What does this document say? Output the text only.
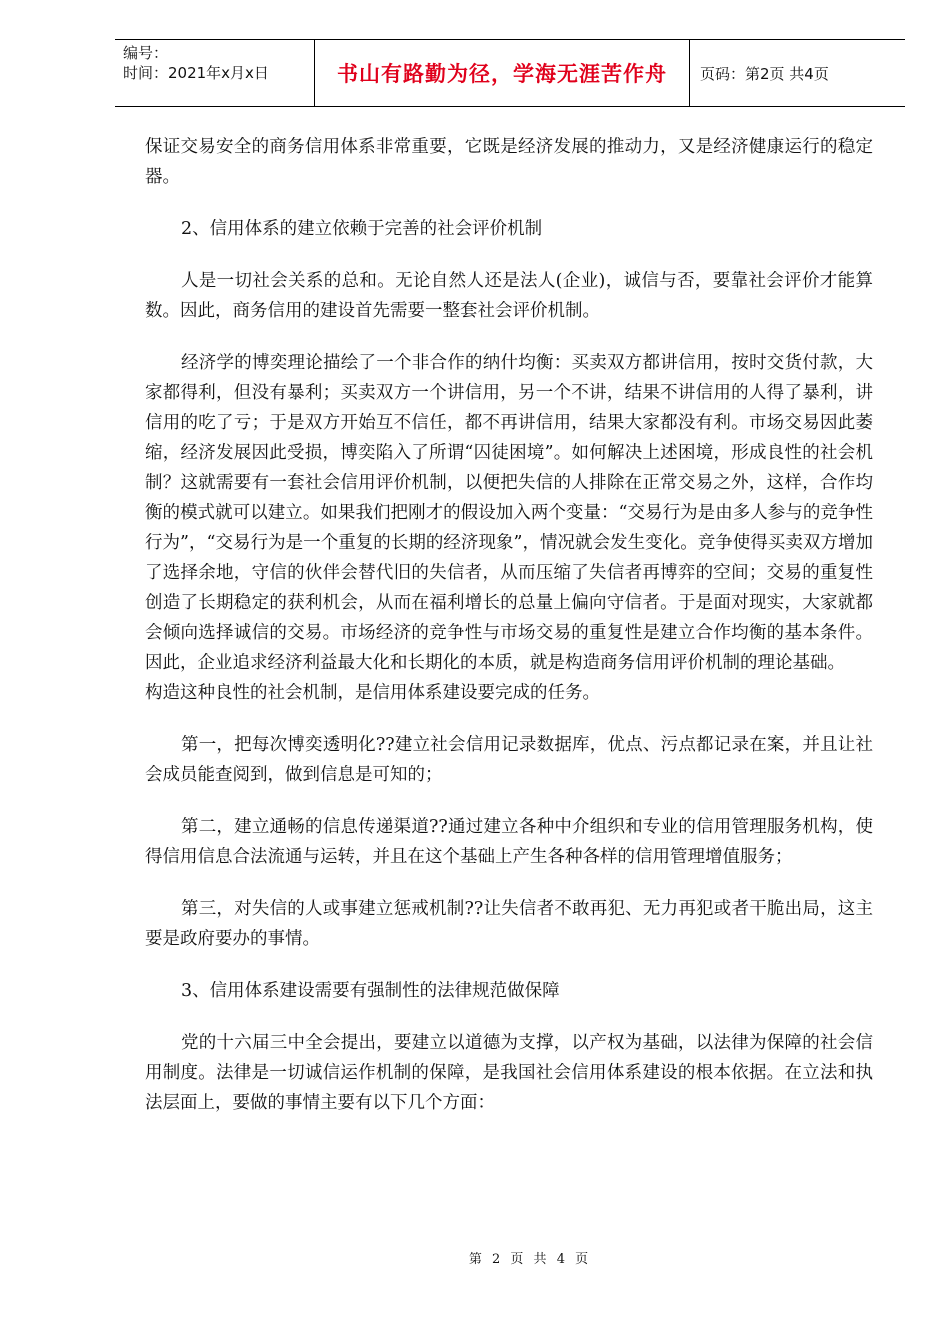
编号：
时间：2021年x月x日	书山有路勤为径，学海无涯苦作舟	页码：第2页 共4页

保证交易安全的商务信用体系非常重要，它既是经济发展的推动力，又是经济健康运行的稳定器。

2、信用体系的建立依赖于完善的社会评价机制

人是一切社会关系的总和。无论自然人还是法人(企业)，诚信与否，要靠社会评价才能算数。因此，商务信用的建设首先需要一整套社会评价机制。

经济学的博奕理论描绘了一个非合作的纳什均衡：买卖双方都讲信用，按时交货付款，大家都得利，但没有暴利；买卖双方一个讲信用，另一个不讲，结果不讲信用的人得了暴利，讲信用的吃了亏；于是双方开始互不信任，都不再讲信用，结果大家都没有利。市场交易因此萎缩，经济发展因此受损，博奕陷入了所谓“囚徒困境”。如何解决上述困境，形成良性的社会机制？这就需要有一套社会信用评价机制，以便把失信的人排除在正常交易之外，这样，合作均衡的模式就可以建立。如果我们把刚才的假设加入两个变量：“交易行为是由多人参与的竞争性行为”，“交易行为是一个重复的长期的经济现象”，情况就会发生变化。竞争使得买卖双方增加了选择余地，守信的伙伴会替代旧的失信者，从而压缩了失信者再博弈的空间；交易的重复性创造了长期稳定的获利机会，从而在福利增长的总量上偏向守信者。于是面对现实，大家就都会倾向选择诚信的交易。市场经济的竞争性与市场交易的重复性是建立合作均衡的基本条件。因此，企业追求经济利益最大化和长期化的本质，就是构造商务信用评价机制的理论基础。

构造这种良性的社会机制，是信用体系建设要完成的任务。

第一，把每次博奕透明化??建立社会信用记录数据库，优点、污点都记录在案，并且让社会成员能查阅到，做到信息是可知的；

第二，建立通畅的信息传递渠道??通过建立各种中介组织和专业的信用管理服务机构，使得信用信息合法流通与运转，并且在这个基础上产生各种各样的信用管理增值服务；

第三，对失信的人或事建立惩戒机制??让失信者不敢再犯、无力再犯或者干脆出局，这主要是政府要办的事情。

3、信用体系建设需要有强制性的法律规范做保障

党的十六届三中全会提出，要建立以道德为支撑，以产权为基础，以法律为保障的社会信用制度。法律是一切诚信运作机制的保障，是我国社会信用体系建设的根本依据。在立法和执法层面上，要做的事情主要有以下几个方面：

第 2 页 共 4 页
